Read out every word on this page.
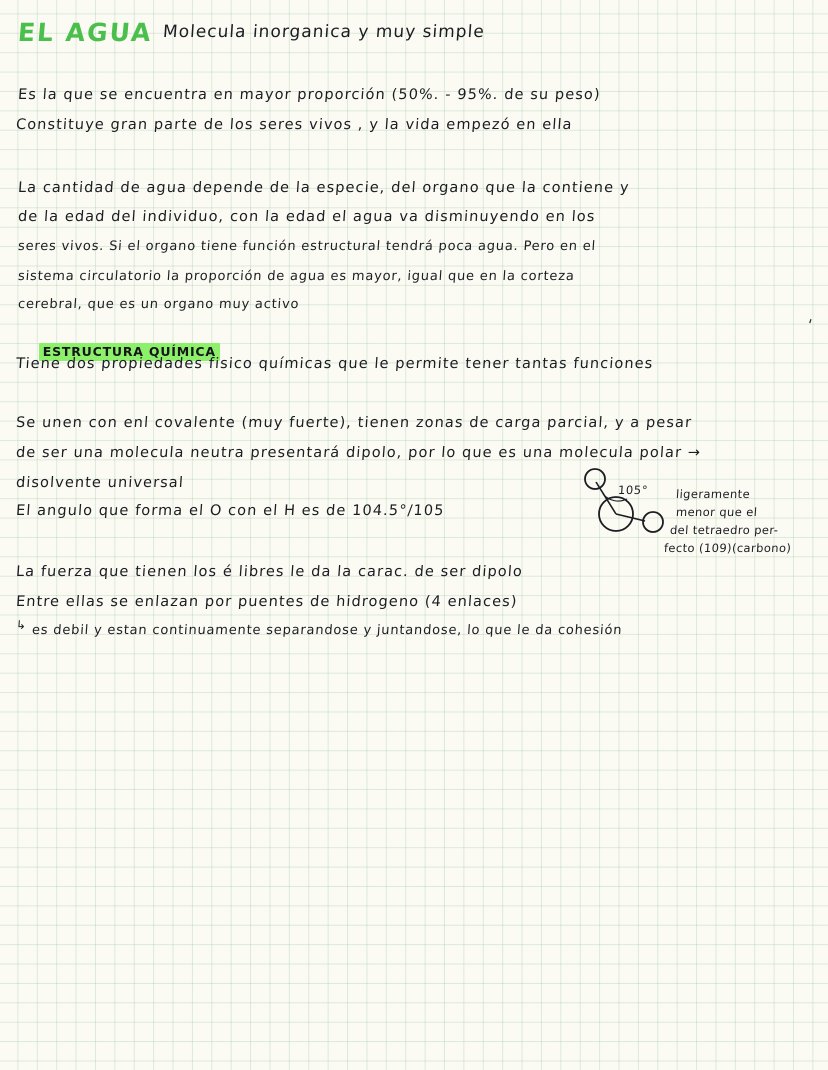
EL AGUA Molecula inorganica y muy simple
Es la que se encuentra en mayor proporción (50%. - 95%. de su peso)
Constituye gran parte de los seres vivos , y la vida empezó en ella
La cantidad de agua depende de la especie, del organo que la contiene y
de la edad del individuo, con la edad el agua va disminuyendo en los
seres vivos. Si el organo tiene función estructural tendrá poca agua. Pero en el
sistema circulatorio la proporción de agua es mayor, igual que en la corteza
cerebral, que es un organo muy activo
'

ESTRUCTURA QUÍMICA

Tiene dos propiedades fisico químicas que le permite tener tantas funciones
Se unen con enl covalente (muy fuerte), tienen zonas de carga parcial, y a pesar
de ser una molecula neutra presentará dipolo, por lo que es una molecula polar →
disolvente universal
El angulo que forma el O con el H es de 104.5°/105
105° ligeramente
menor que el
del tetraedro per-
fecto (109)(carbono)
La fuerza que tienen los é libres le da la carac. de ser dipolo
Entre ellas se enlazan por puentes de hidrogeno (4 enlaces)
↳ es debil y estan continuamente separandose y juntandose, lo que le da cohesión
